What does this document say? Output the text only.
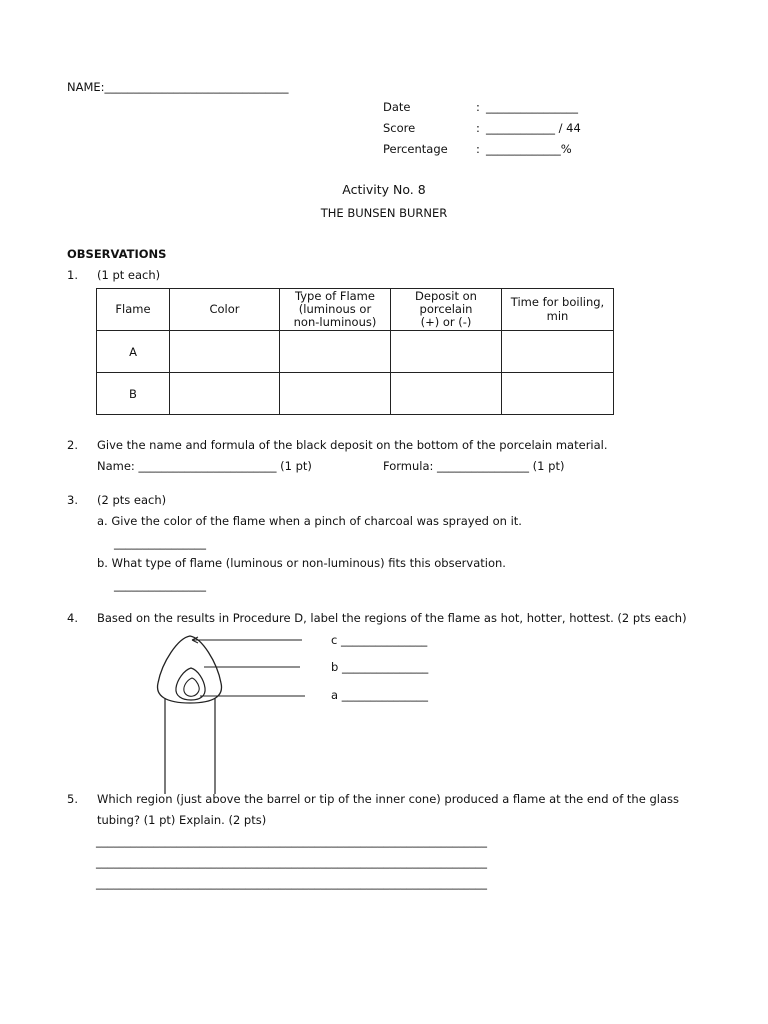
NAME:________________________________
Date	: ________________
Score	: ____________ / 44
Percentage : _____________%
Activity No. 8
THE BUNSEN BURNER
OBSERVATIONS
1. (1 pt each)
Flame	Color	Type of Flame (luminous or non-luminous)	Deposit on porcelain (+) or (-)	Time for boiling, min

A				
B				
2. Give the name and formula of the black deposit on the bottom of the porcelain material.
Name: ________________________ (1 pt)	Formula: ________________ (1 pt)
3. (2 pts each)
a. Give the color of the flame when a pinch of charcoal was sprayed on it.
________________
b. What type of flame (luminous or non-luminous) fits this observation.
________________
4. Based on the results in Procedure D, label the regions of the flame as hot, hotter, hottest. (2 pts each)
c _______________
b _______________
a _______________
5. Which region (just above the barrel or tip of the inner cone) produced a flame at the end of the glass
tubing? (1 pt) Explain. (2 pts)
____________________________________________________________________
____________________________________________________________________
____________________________________________________________________
